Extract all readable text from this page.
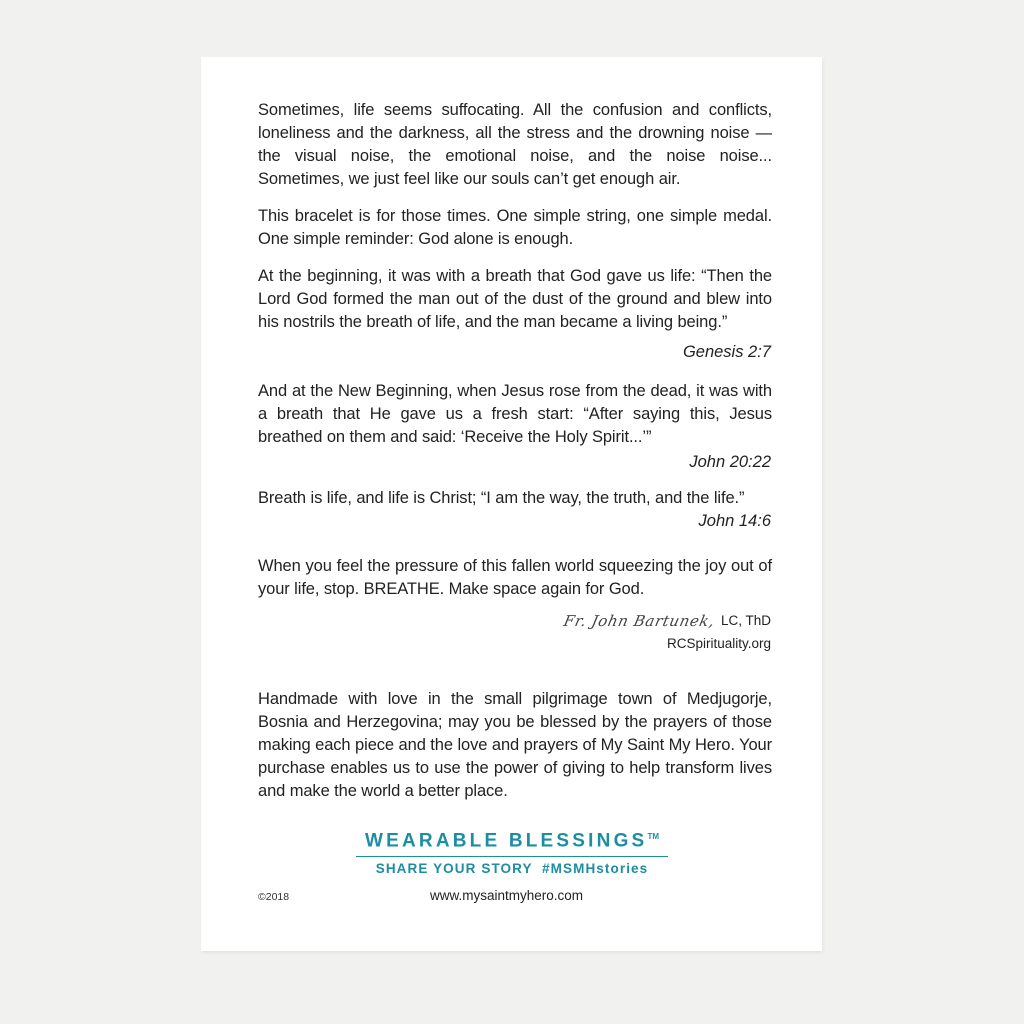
Sometimes, life seems suffocating. All the confusion and conflicts, loneliness and the darkness, all the stress and the drowning noise —the visual noise, the emotional noise, and the noise noise... Sometimes, we just feel like our souls can’t get enough air.

This bracelet is for those times. One simple string, one simple medal. One simple reminder: God alone is enough.

At the beginning, it was with a breath that God gave us life: “Then the Lord God formed the man out of the dust of the ground and blew into his nostrils the breath of life, and the man became a living being.”

Genesis 2:7

And at the New Beginning, when Jesus rose from the dead, it was with a breath that He gave us a fresh start: “After saying this, Jesus breathed on them and said: ‘Receive the Holy Spirit...’”

John 20:22

Breath is life, and life is Christ; “I am the way, the truth, and the life.”

John 14:6

When you feel the pressure of this fallen world squeezing the joy out of your life, stop. BREATHE. Make space again for God.

Fr. John Bartunek, LC, ThD
RCSpirituality.org

Handmade with love in the small pilgrimage town of Medjugorje, Bosnia and Herzegovina; may you be blessed by the prayers of those making each piece and the love and prayers of My Saint My Hero. Your purchase enables us to use the power of giving to help transform lives and make the world a better place.

WEARABLE BLESSINGS™
SHARE YOUR STORY  #MSMHstories
©2018	www.mysaintmyhero.com
